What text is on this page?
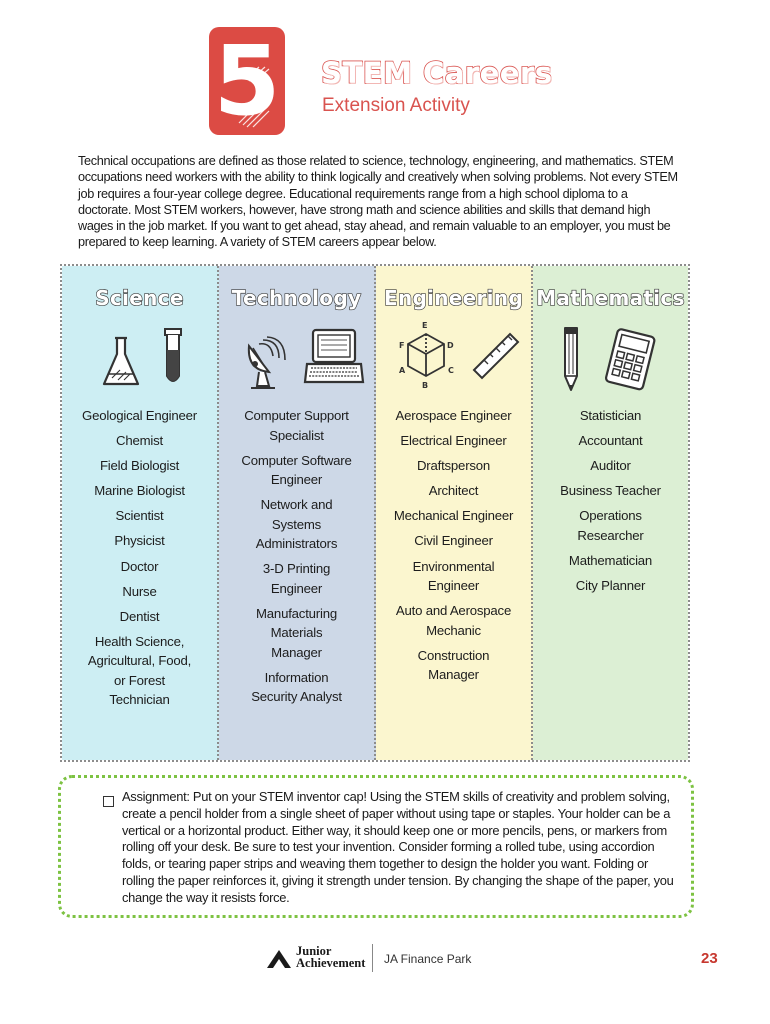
5 STEM Careers
Extension Activity

Technical occupations are defined as those related to science, technology, engineering, and mathematics. STEM occupations need workers with the ability to think logically and creatively when solving problems. Not every STEM job requires a four-year college degree. Educational requirements range from a high school diploma to a doctorate. Most STEM workers, however, have strong math and science abilities and skills that demand high wages in the job market. If you want to get ahead, stay ahead, and remain valuable to an employer, you must be prepared to keep learning. A variety of STEM careers appear below.

Science
Geological Engineer
Chemist
Field Biologist
Marine Biologist
Scientist
Physicist
Doctor
Nurse
Dentist
Health Science,
Agricultural, Food,
or Forest
Technician
Technology
Computer Support
Specialist
Computer Software
Engineer
Network and
Systems
Administrators
3-D Printing
Engineer
Manufacturing
Materials
Manager
Information
Security Analyst
Engineering
E
F	D
A
B
C
Aerospace Engineer
Electrical Engineer
Draftsperson
Architect
Mechanical Engineer
Civil Engineer
Environmental
Engineer
Auto and Aerospace
Mechanic
Construction
Manager
Mathematics
Statistician
Accountant
Auditor
Business Teacher
Operations
Researcher
Mathematician
City Planner

Assignment: Put on your STEM inventor cap! Using the STEM skills of creativity and problem solving, create a pencil holder from a single sheet of paper without using tape or staples. Your holder can be a vertical or a horizontal product. Either way, it should keep one or more pencils, pens, or markers from rolling off your desk. Be sure to test your invention. Consider forming a rolled tube, using accordion folds, or tearing paper strips and weaving them together to design the holder you want. Folding or rolling the paper reinforces it, giving it strength under tension. By changing the shape of the paper, you change the way it resists force.

Junior
Achievement JA Finance Park	23
